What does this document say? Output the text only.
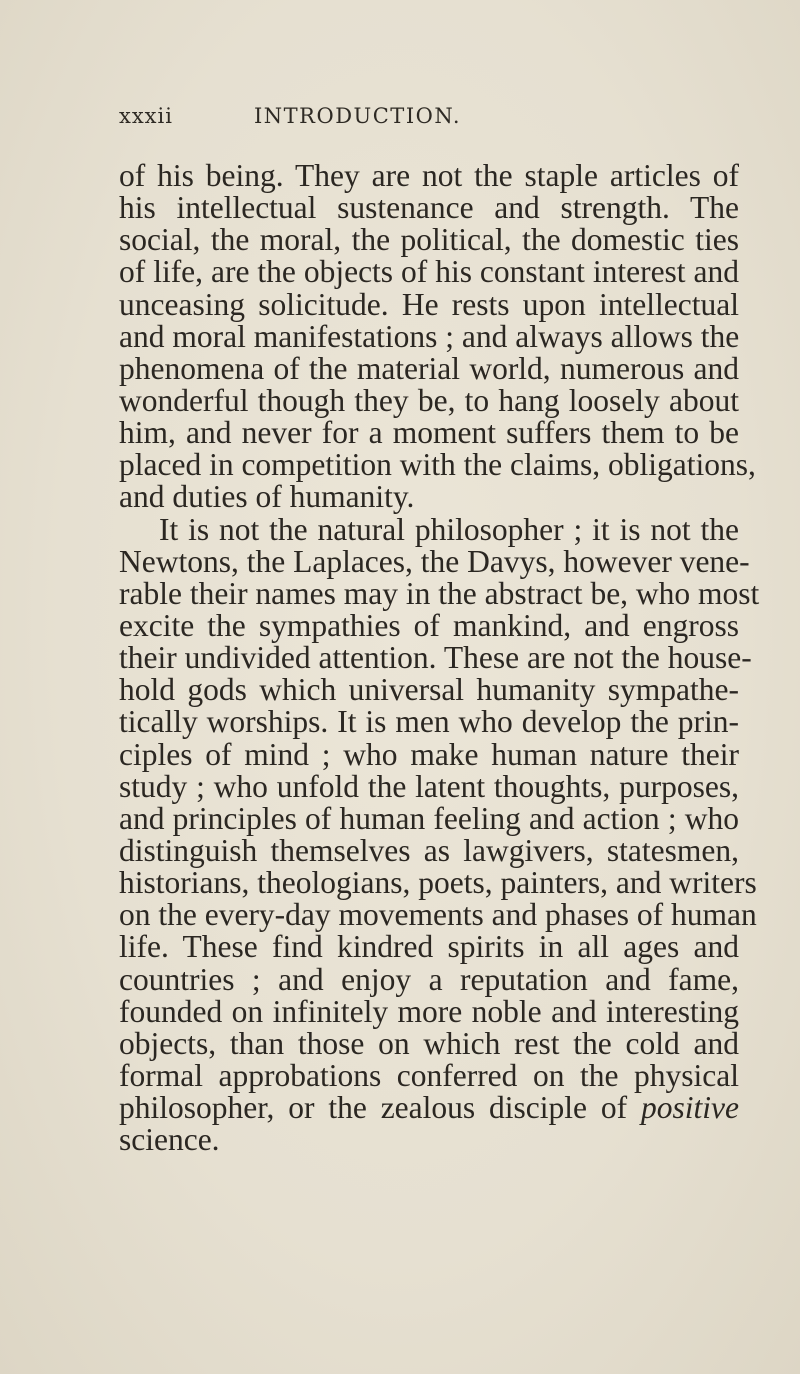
xxxii	INTRODUCTION.
of his being. They are not the staple articles of
his intellectual sustenance and strength. The
social, the moral, the political, the domestic ties
of life, are the objects of his constant interest and
unceasing solicitude. He rests upon intellectual
and moral manifestations ; and always allows the
phenomena of the material world, numerous and
wonderful though they be, to hang loosely about
him, and never for a moment suffers them to be
placed in competition with the claims, obligations,
and duties of humanity.
It is not the natural philosopher ; it is not the
Newtons, the Laplaces, the Davys, however vene-
rable their names may in the abstract be, who most
excite the sympathies of mankind, and engross
their undivided attention. These are not the house-
hold gods which universal humanity sympathe-
tically worships. It is men who develop the prin-
ciples of mind ; who make human nature their
study ; who unfold the latent thoughts, purposes,
and principles of human feeling and action ; who
distinguish themselves as lawgivers, statesmen,
historians, theologians, poets, painters, and writers
on the every-day movements and phases of human
life. These find kindred spirits in all ages and
countries ; and enjoy a reputation and fame,
founded on infinitely more noble and interesting
objects, than those on which rest the cold and
formal approbations conferred on the physical
philosopher, or the zealous disciple of positive
science.
